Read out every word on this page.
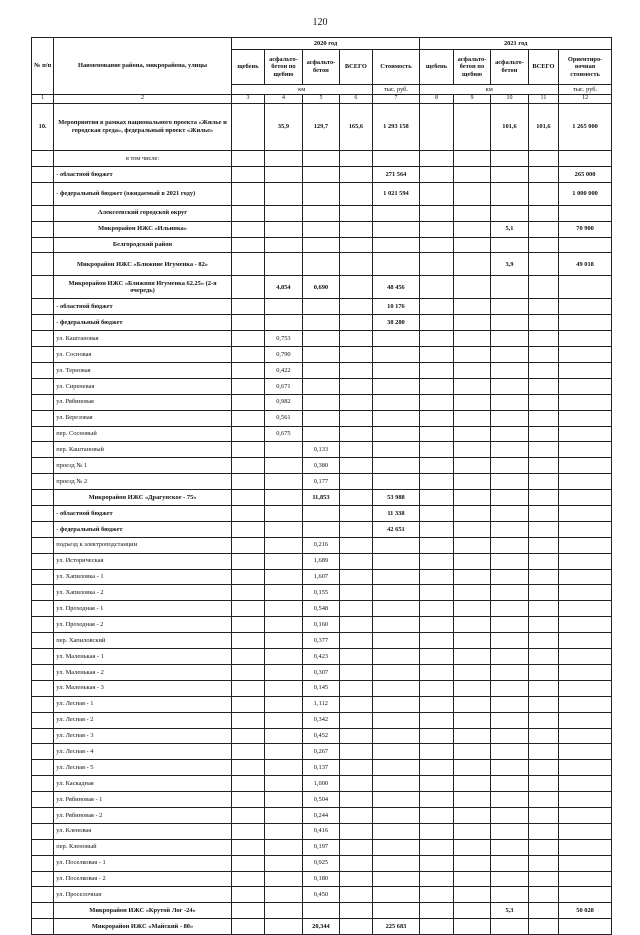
120
№ п/п	Наименование района, микрорайона, улицы	2020 год					2021 год				
		щебень	асфальто-бетон по щебню	асфальто-бетон	ВСЕГО	Стоимость	щебень	асфальто-бетон по щебню	асфальто-бетон	ВСЕГО	Ориентиро-вочная стоимость
		км				тыс. руб.	км				тыс. руб.
1	2	3	4	5	6	7	8	9	10	11	12
10.	Мероприятия в рамках национального проекта «Жилье и городская среда», федеральный проект «Жилье»		35,9	129,7	165,6	1 293 158			101,6	101,6	1 265 000
	в том числе:										
	- областной бюджет					271 564					265 000
	- федеральный бюджет (ожидаемый в 2021 году)					1 021 594					1 000 000
	Алексеевский городской округ										
	Микрорайон ИЖС «Ильинка»								5,1		70 900
	Белгородский район										
	Микрорайон ИЖС «Ближние Игуменка - 82»								3,9		49 018
	Микрорайон ИЖС «Ближняя Игуменка 62.25» (2-я очередь)		4,854	0,690		48 456					
	- областной бюджет					10 176					
	- федеральный бюджет					38 280					
	ул. Каштановая		0,753								
	ул. Сосновая		0,790								
	ул. Терновая		0,422								
	ул. Сиреневая		0,671								
	ул. Рябиновая		0,982								
	ул. Березовая		0,561								
	пер. Сосновый		0,675								
	пер. Каштановый			0,133							
	проезд № 1			0,380							
	проезд № 2			0,177							
	Микрорайон ИЖС «Драгунское - 75»			11,853		53 988					
	- областной бюджет					11 338					
	- федеральный бюджет					42 651					
	подъезд к электроподстанции			0,216							
	ул. Историческая			1,689							
	ул. Хапиловка - 1			1,607							
	ул. Хапиловка - 2			0,155							
	ул. Проходная - 1			0,548							
	ул. Проходная - 2			0,160							
	пер. Хапиловский			0,377							
	ул. Маленькая - 1			0,423							
	ул. Маленькая - 2			0,307							
	ул. Маленькая - 3			0,145							
	ул. Лесная - 1			1,112							
	ул. Лесная - 2			0,342							
	ул. Лесная - 3			0,452							
	ул. Лесная - 4			0,267							
	ул. Лесная - 5			0,137							
	ул. Каскадная			1,000							
	ул. Рябиновая - 1			0,504							
	ул. Рябиновая - 2			0,244							
	ул. Кленовая			0,416							
	пер. Кленовый			0,197							
	ул. Поселковая - 1			0,925							
	ул. Поселковая - 2			0,180							
	ул. Проселочная			0,450							
	Микрорайон ИЖС «Крутой Лог -24»								5,3		50 028
	Микрорайон ИЖС «Майский - 80»			20,344		225 683					
